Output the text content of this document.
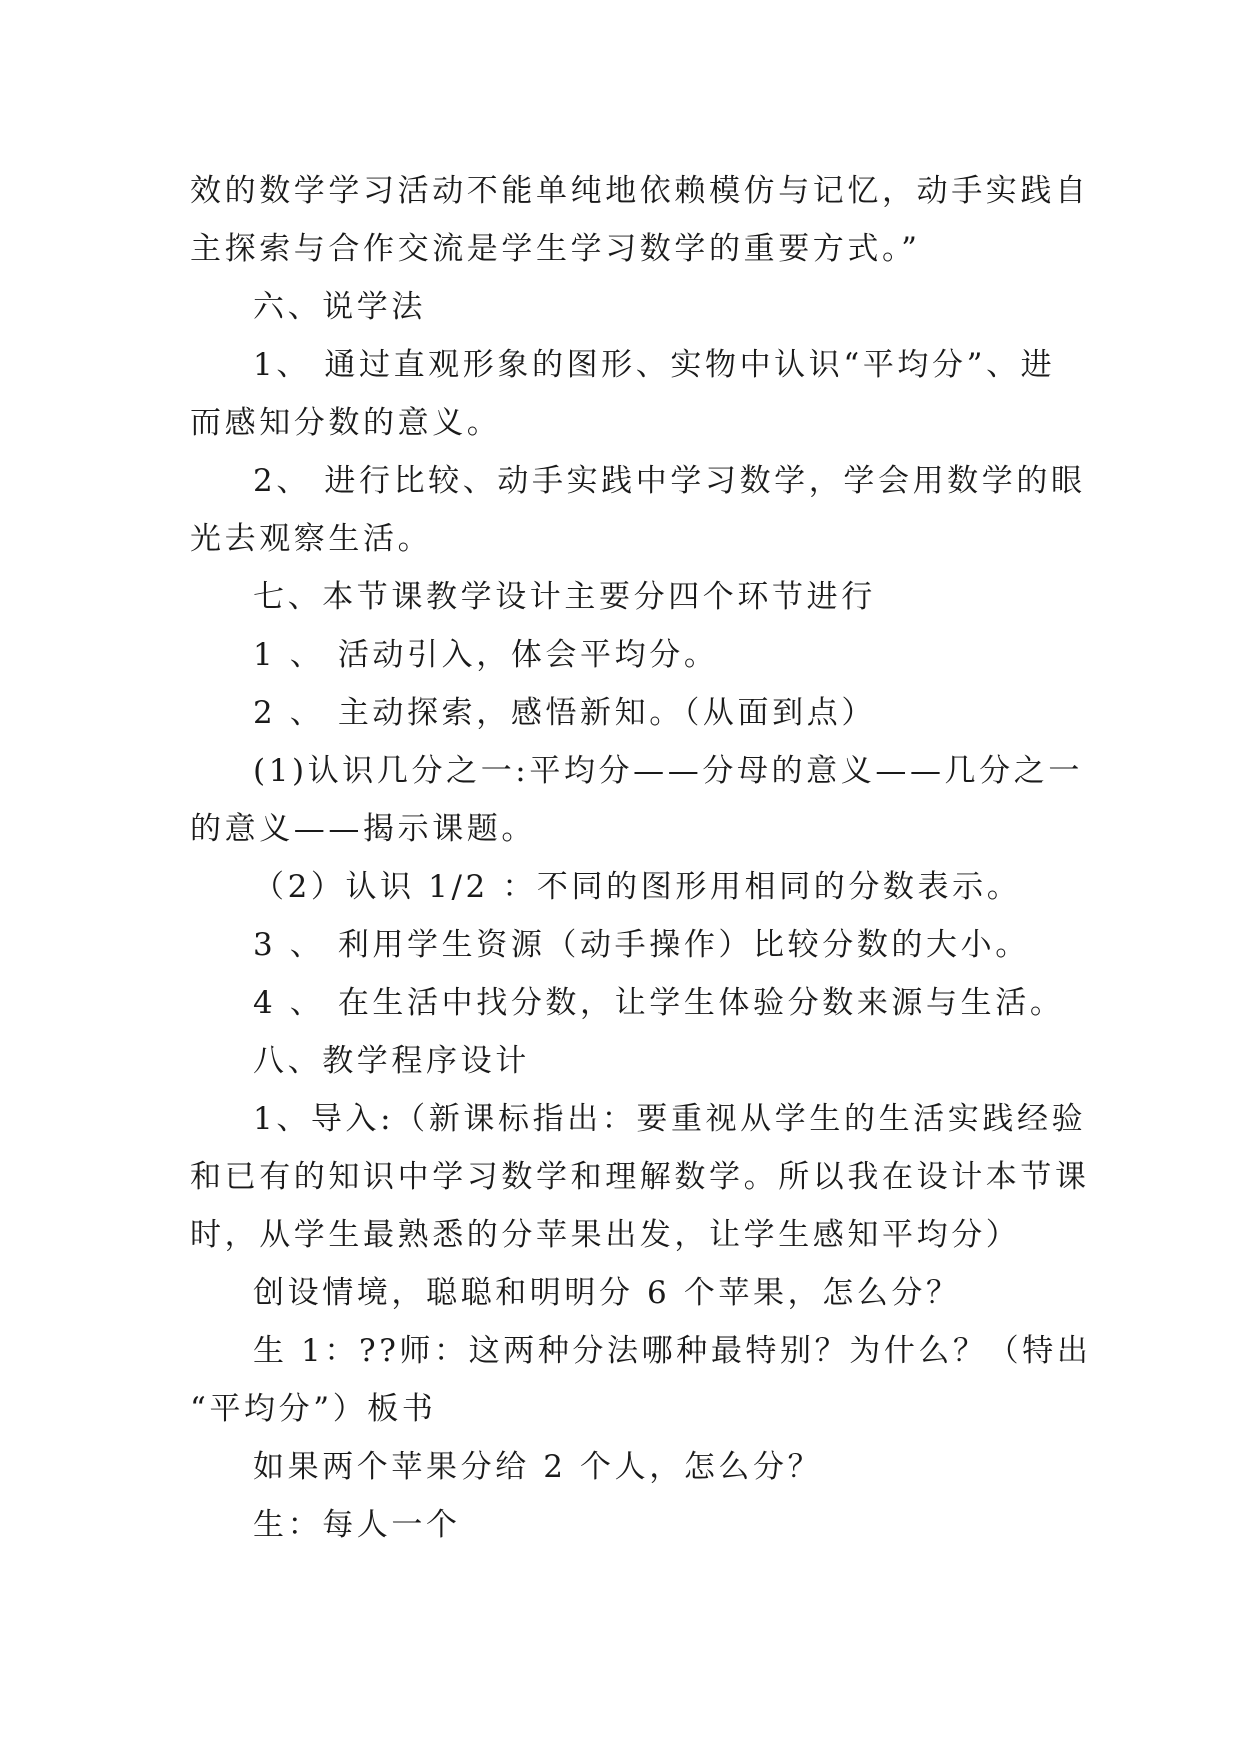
效的数学学习活动不能单纯地依赖模仿与记忆，动手实践自
主探索与合作交流是学生学习数学的重要方式。”
六、说学法
1、 通过直观形象的图形、实物中认识“平均分”、进
而感知分数的意义。
2、 进行比较、动手实践中学习数学，学会用数学的眼
光去观察生活。
七、本节课教学设计主要分四个环节进行
1 、 活动引入，体会平均分。
2 、 主动探索，感悟新知。（从面到点）
(1)认识几分之一:平均分——分母的意义——几分之一
的意义——揭示课题。
（2）认识 1/2 ：不同的图形用相同的分数表示。
3 、 利用学生资源（动手操作）比较分数的大小。
4 、 在生活中找分数，让学生体验分数来源与生活。
八、教学程序设计
1、导入:（新课标指出：要重视从学生的生活实践经验
和已有的知识中学习数学和理解数学。所以我在设计本节课
时，从学生最熟悉的分苹果出发，让学生感知平均分）
创设情境，聪聪和明明分 6 个苹果，怎么分？
生 1：??师：这两种分法哪种最特别？为什么？（特出
“平均分”）板书
如果两个苹果分给 2 个人，怎么分？
生：每人一个
